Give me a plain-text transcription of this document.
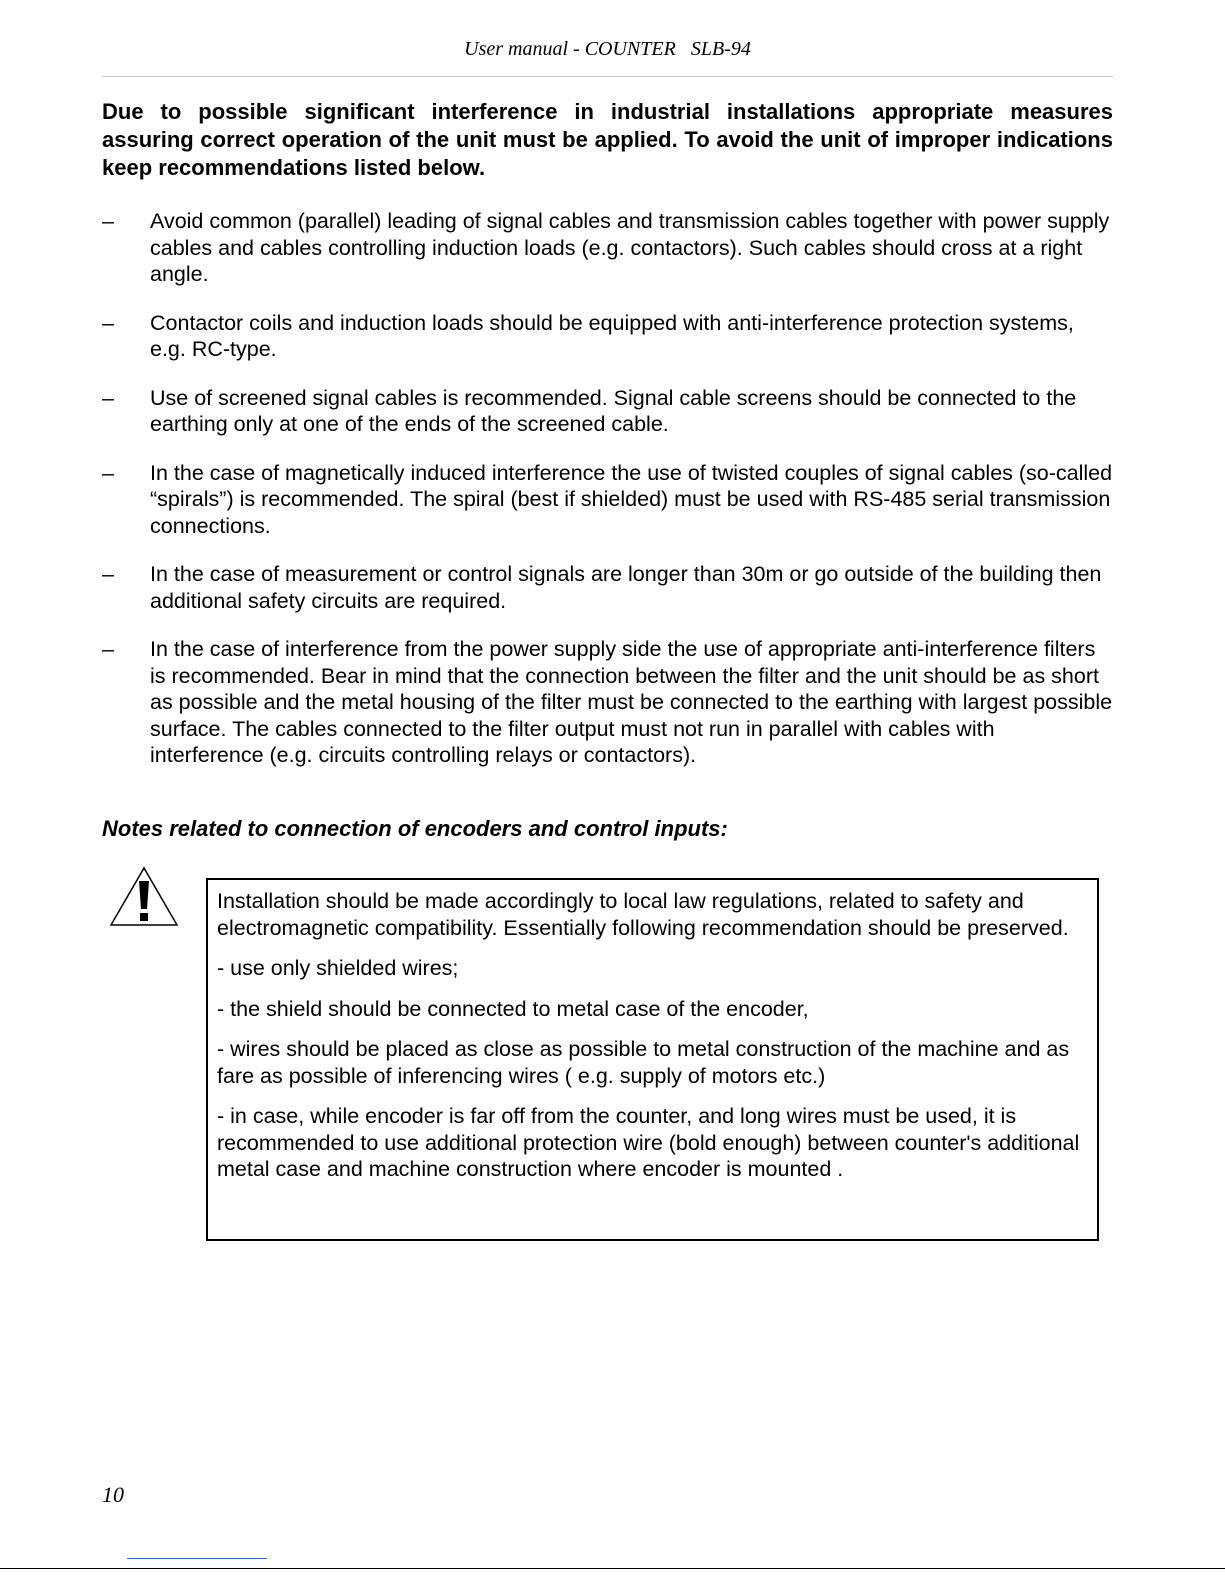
User manual - COUNTER   SLB-94

Due to possible significant interference in industrial installations appropriate measures assuring correct operation of the unit must be applied. To avoid the unit of improper indications keep recommendations listed below.

– Avoid common (parallel) leading of signal cables and transmission cables together with power supply cables and cables controlling induction loads (e.g. contactors). Such cables should cross at a right angle.
– Contactor coils and induction loads should be equipped with anti-interference protection systems, e.g. RC-type.
– Use of screened signal cables is recommended. Signal cable screens should be connected to the earthing only at one of the ends of the screened cable.
– In the case of magnetically induced interference the use of twisted couples of signal cables (so-called “spirals”) is recommended. The spiral (best if shielded) must be used with RS-485 serial transmission connections.
– In the case of measurement or control signals are longer than 30m or go outside of the building then additional safety circuits are required.
– In the case of interference from the power supply side the use of appropriate anti-interference filters is recommended. Bear in mind that the connection between the filter and the unit should be as short as possible and the metal housing of the filter must be connected to the earthing with largest possible surface. The cables connected to the filter output must not run in parallel with cables with interference (e.g. circuits controlling relays or contactors).

Notes related to connection of encoders and control inputs:

Installation should be made accordingly to local law regulations, related to safety and electromagnetic compatibility. Essentially following recommendation should be preserved.

- use only shielded wires;

- the shield should be connected to metal case of the encoder,

- wires should be placed as close as possible to metal construction of the machine and as fare as possible of inferencing wires ( e.g. supply of motors etc.)

- in case, while encoder is far off from the counter, and long wires must be used, it is recommended to use additional protection wire (bold enough) between counter's additional metal case and machine construction where encoder is mounted .

10
